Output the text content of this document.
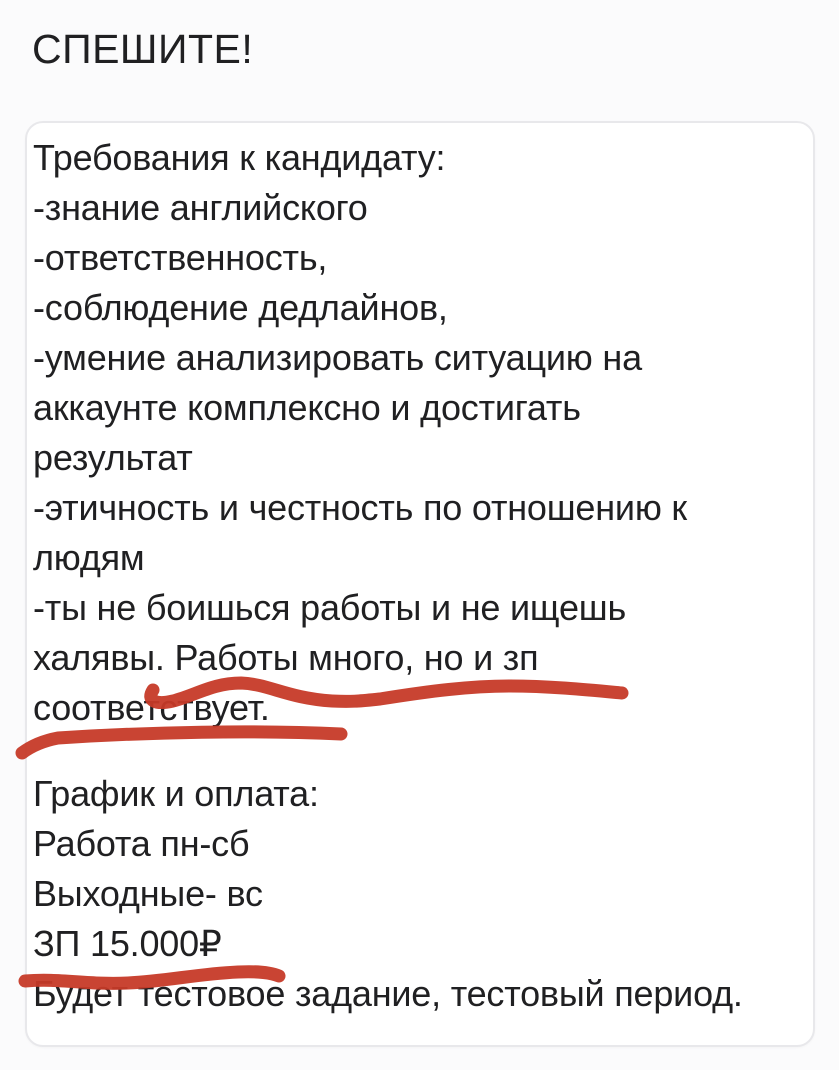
СПЕШИТЕ!
Требования к кандидату:
-знание английского
-ответственность,
-соблюдение дедлайнов,
-умение анализировать ситуацию на
аккаунте комплексно и достигать
результат
-этичность и честность по отношению к
людям
-ты не боишься работы и не ищешь
халявы. Работы много, но и зп
соответствует.
График и оплата:
Работа пн-сб
Выходные- вс
ЗП 15.000₽
Будет тестовое задание, тестовый период.
